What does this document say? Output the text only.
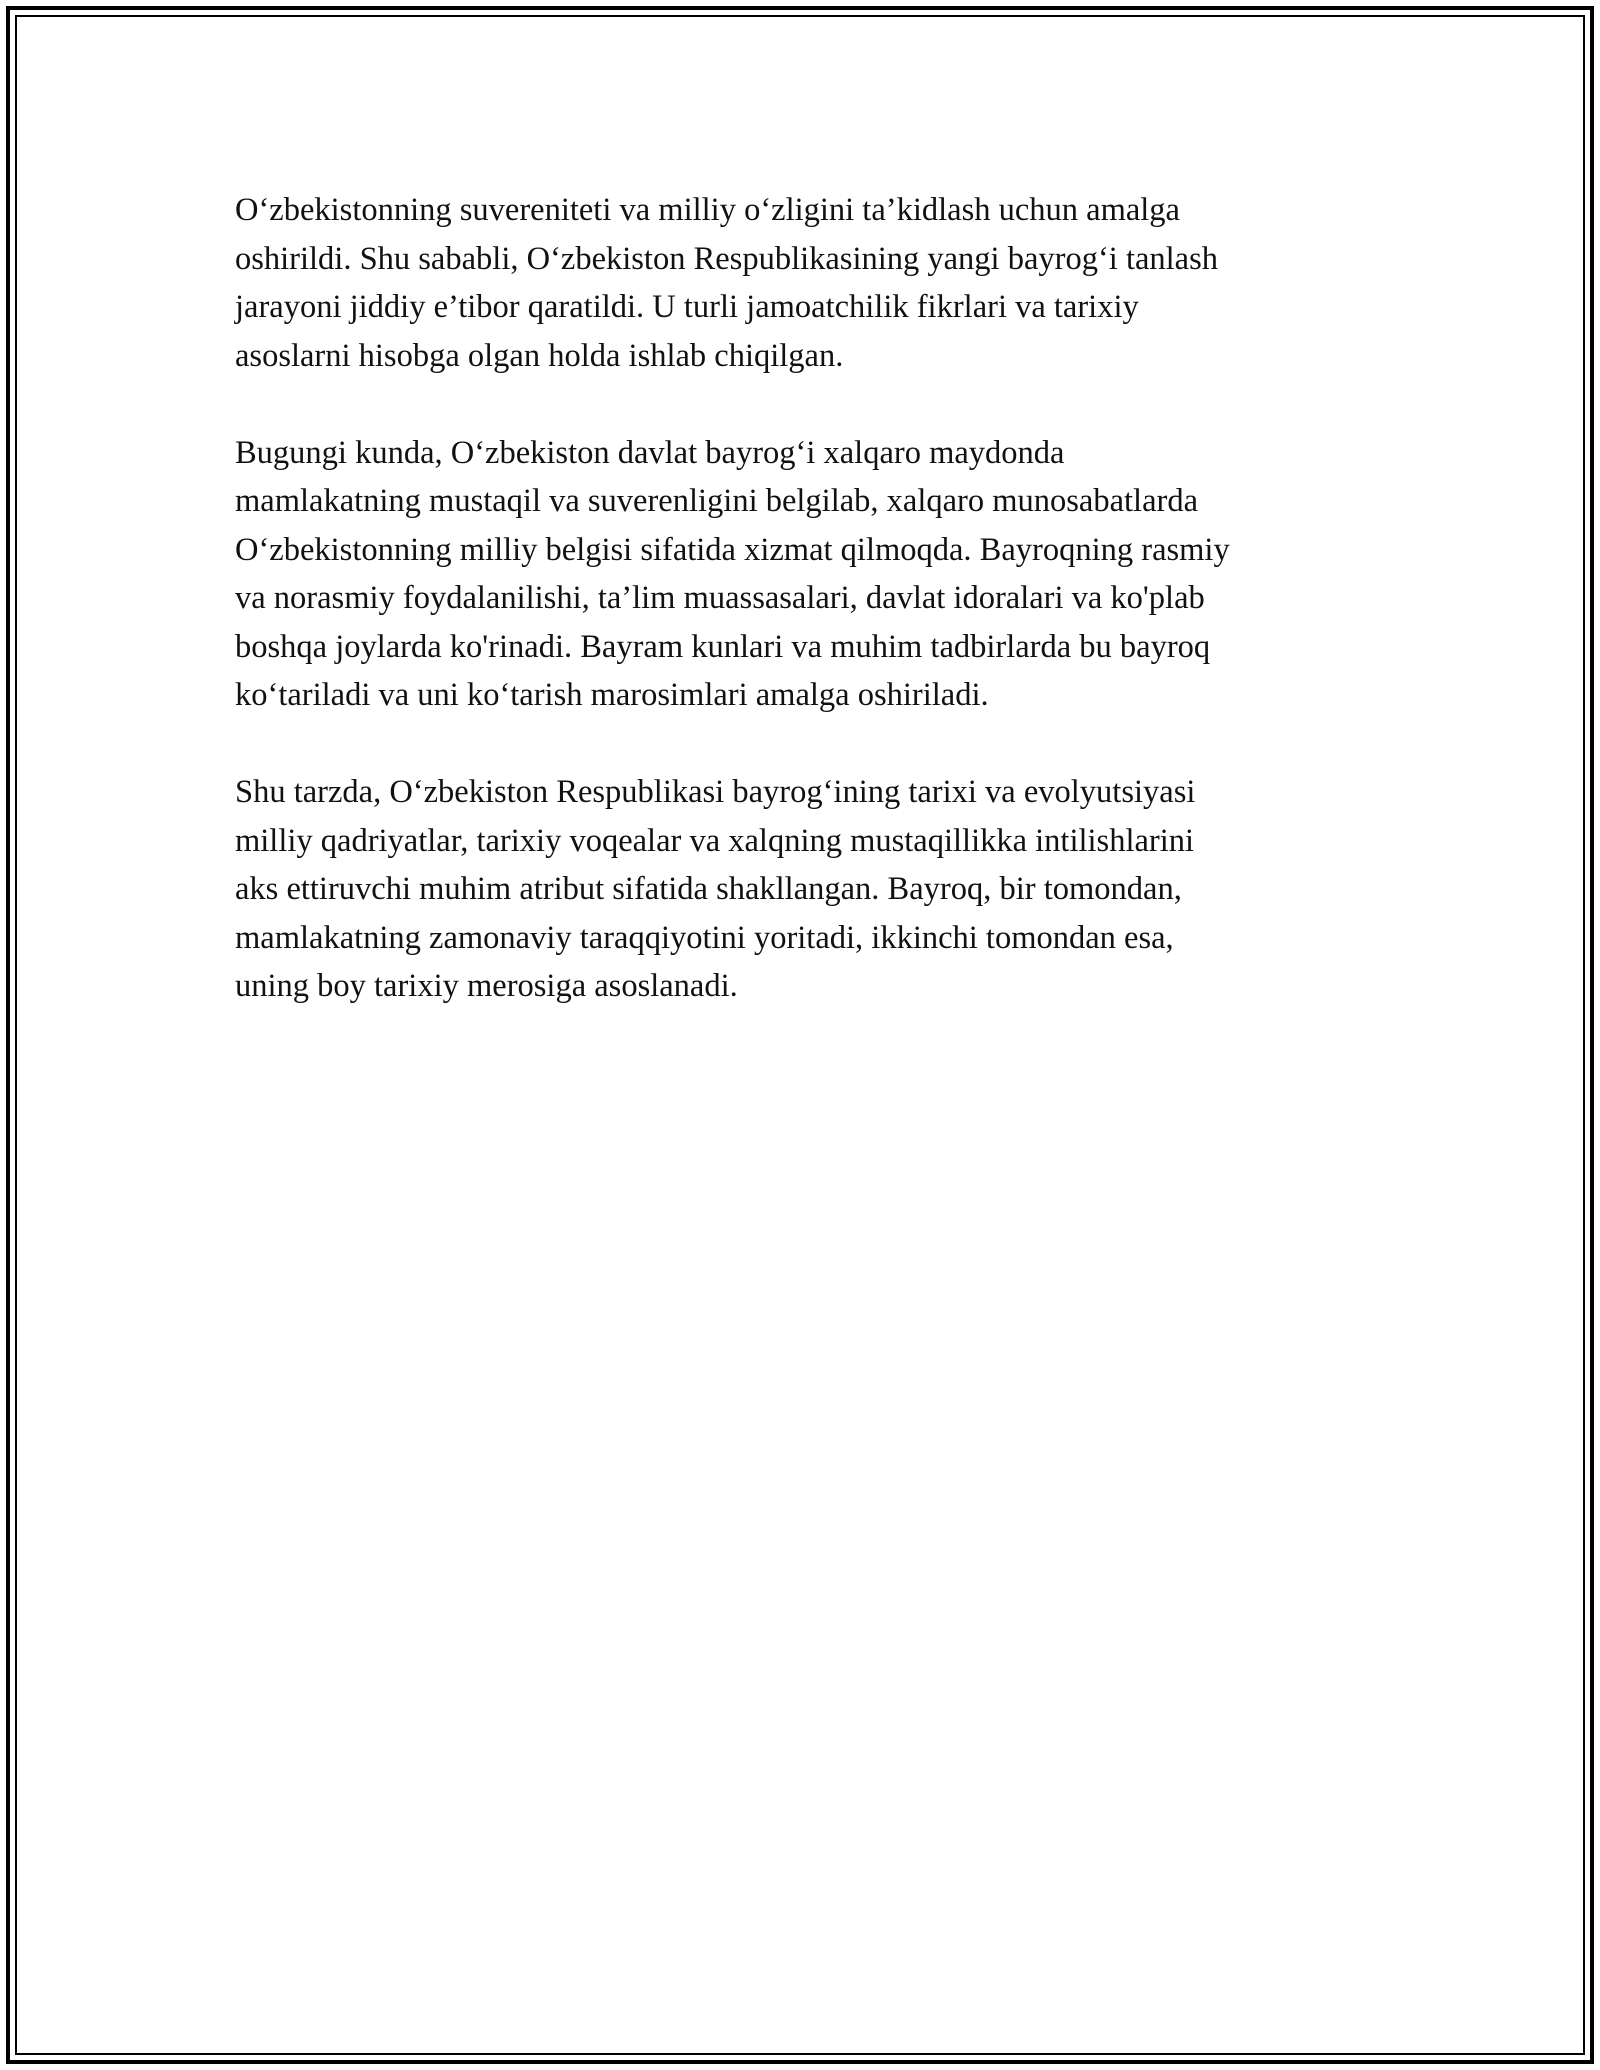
O‘zbekistonning suvereniteti va milliy o‘zligini ta’kidlash uchun amalga
oshirildi. Shu sababli, O‘zbekiston Respublikasining yangi bayrog‘i tanlash
jarayoni jiddiy e’tibor qaratildi. U turli jamoatchilik fikrlari va tarixiy
asoslarni hisobga olgan holda ishlab chiqilgan.

Bugungi kunda, O‘zbekiston davlat bayrog‘i xalqaro maydonda
mamlakatning mustaqil va suverenligini belgilab, xalqaro munosabatlarda
O‘zbekistonning milliy belgisi sifatida xizmat qilmoqda. Bayroqning rasmiy
va norasmiy foydalanilishi, ta’lim muassasalari, davlat idoralari va ko'plab
boshqa joylarda ko'rinadi. Bayram kunlari va muhim tadbirlarda bu bayroq
ko‘tariladi va uni ko‘tarish marosimlari amalga oshiriladi.

Shu tarzda, O‘zbekiston Respublikasi bayrog‘ining tarixi va evolyutsiyasi
milliy qadriyatlar, tarixiy voqealar va xalqning mustaqillikka intilishlarini
aks ettiruvchi muhim atribut sifatida shakllangan. Bayroq, bir tomondan,
mamlakatning zamonaviy taraqqiyotini yoritadi, ikkinchi tomondan esa,
uning boy tarixiy merosiga asoslanadi.
